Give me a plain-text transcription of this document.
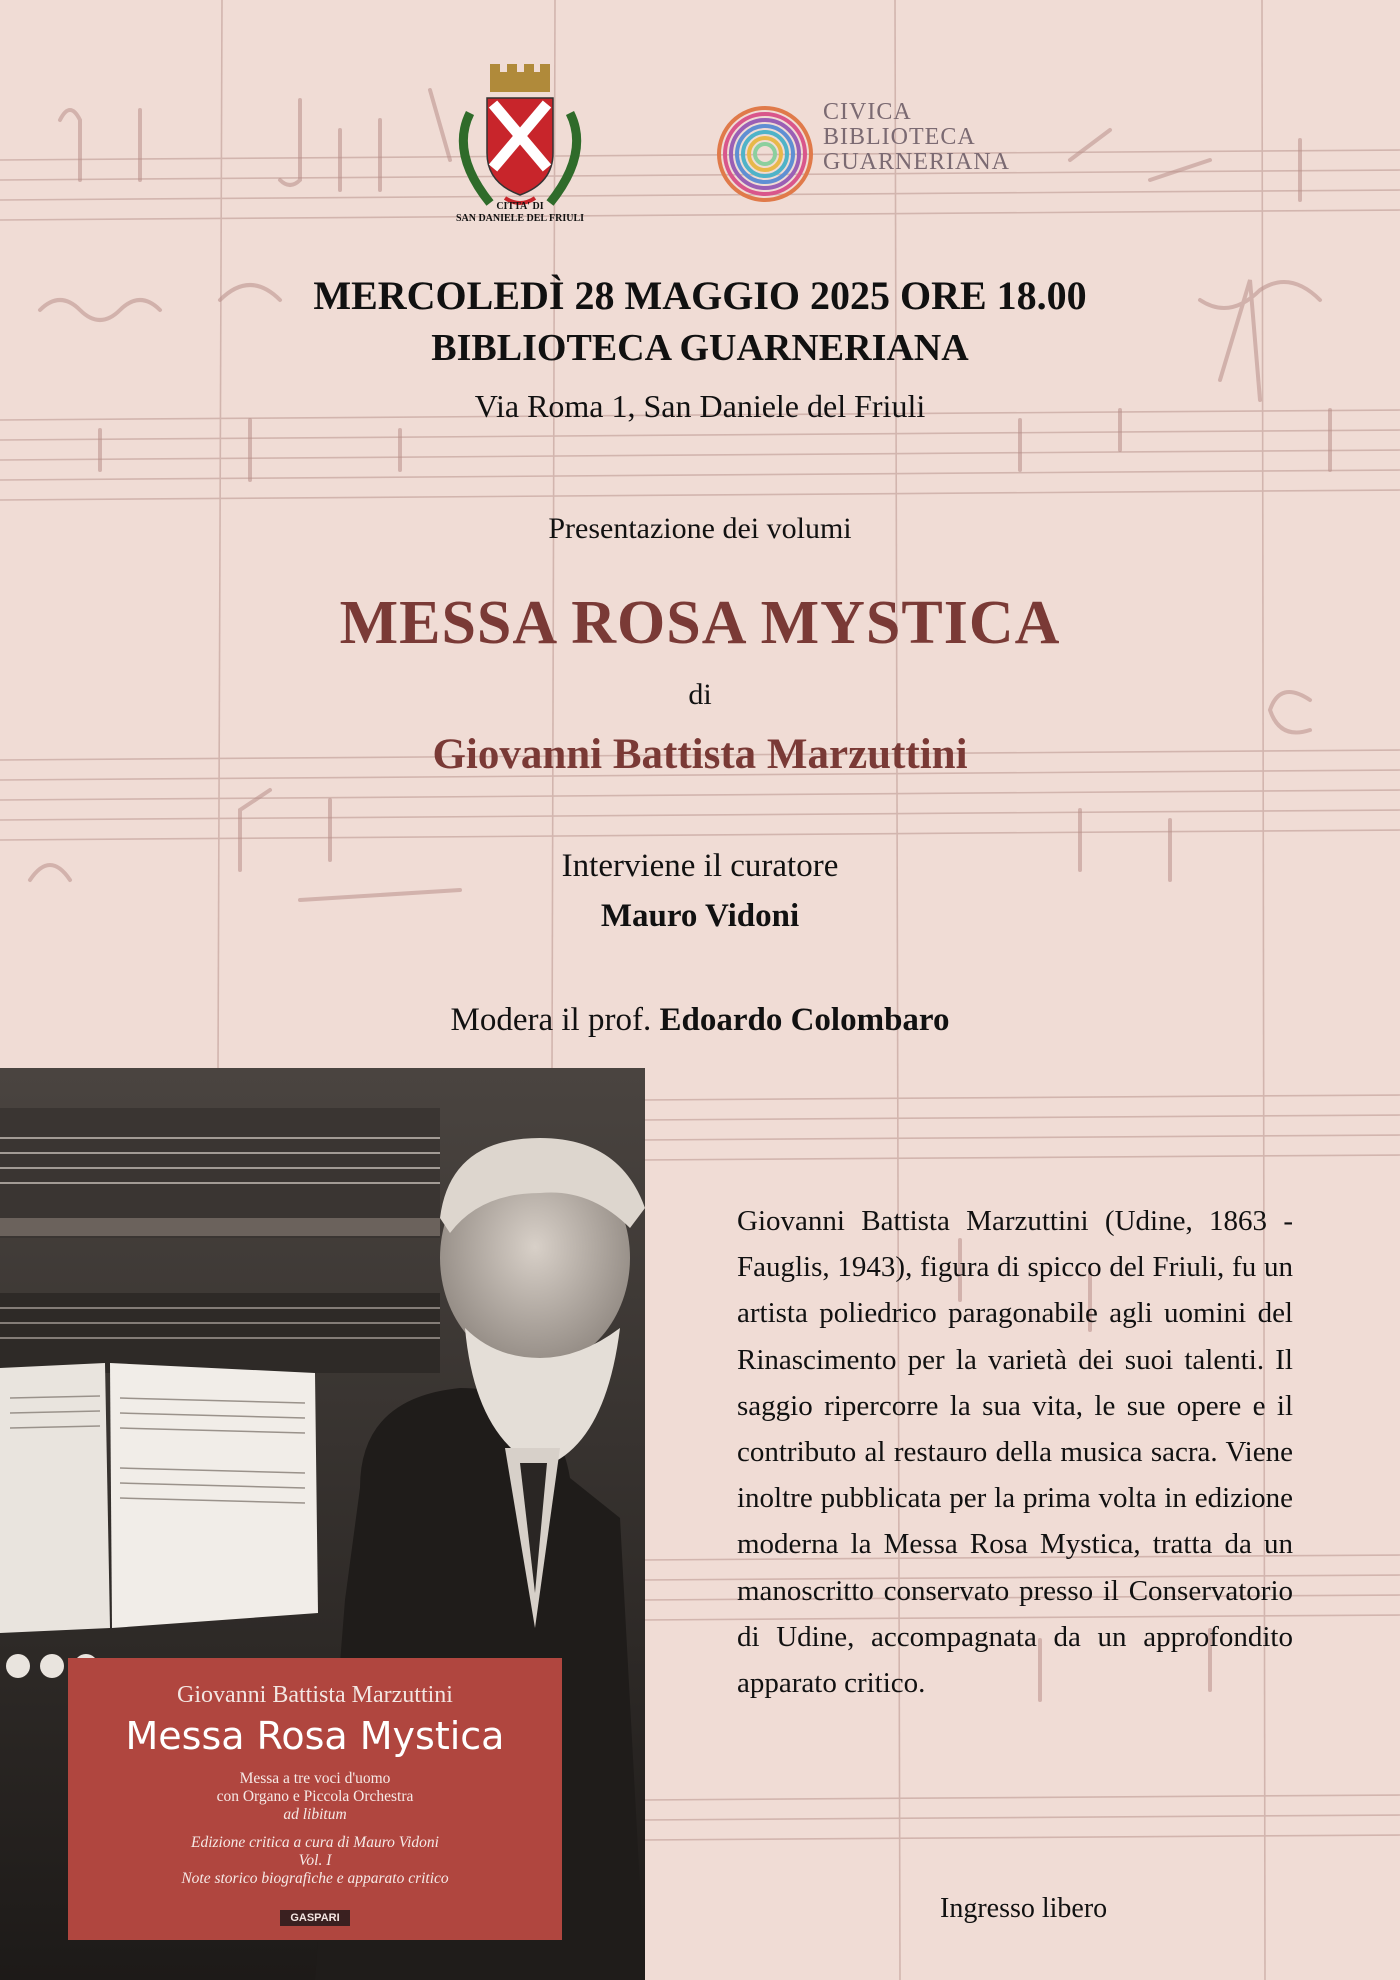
CITTA' DI
SAN DANIELE DEL FRIULI
CIVICA
BIBLIOTECA
GUARNERIANA
MERCOLEDÌ 28 MAGGIO 2025 ORE 18.00
BIBLIOTECA GUARNERIANA
Via Roma 1, San Daniele del Friuli
Presentazione dei volumi
MESSA ROSA MYSTICA
di
Giovanni Battista Marzuttini
Interviene il curatore
Mauro Vidoni
Modera il prof. Edoardo Colombaro
Giovanni Battista Marzuttini
Messa Rosa Mystica
Messa a tre voci d'uomo
con Organo e Piccola Orchestra
ad libitum
Edizione critica a cura di Mauro Vidoni
Vol. I
Note storico biografiche e apparato critico
GASPARI
Giovanni Battista Marzuttini (Udine, 1863 - Fauglis, 1943), figura di spicco del Friuli, fu un artista poliedrico paragonabile agli uomini del Rinascimento per la varietà dei suoi talenti. Il saggio ripercorre la sua vita, le sue opere e il contributo al restauro della musica sacra. Viene inoltre pubblicata per la prima volta in edizione moderna la Messa Rosa Mystica, tratta da un manoscritto conservato presso il Conservatorio di Udine, accompagnata da un approfondito apparato critico.
Ingresso libero
